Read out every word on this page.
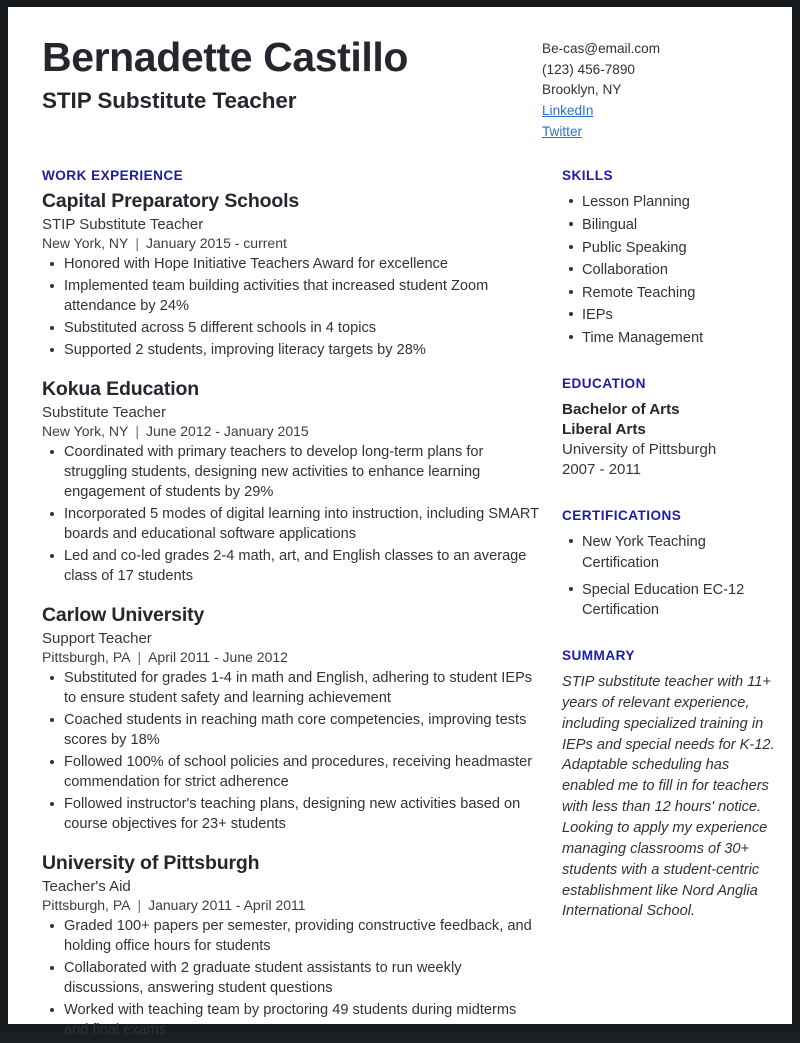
Bernadette Castillo
STIP Substitute Teacher
Be-cas@email.com
(123) 456-7890
Brooklyn, NY
LinkedIn
Twitter
WORK EXPERIENCE
Capital Preparatory Schools
STIP Substitute Teacher
New York, NY | January 2015 - current
Honored with Hope Initiative Teachers Award for excellence
Implemented team building activities that increased student Zoom attendance by 24%
Substituted across 5 different schools in 4 topics
Supported 2 students, improving literacy targets by 28%
Kokua Education
Substitute Teacher
New York, NY | June 2012 - January 2015
Coordinated with primary teachers to develop long-term plans for struggling students, designing new activities to enhance learning engagement of students by 29%
Incorporated 5 modes of digital learning into instruction, including SMART boards and educational software applications
Led and co-led grades 2-4 math, art, and English classes to an average class of 17 students
Carlow University
Support Teacher
Pittsburgh, PA | April 2011 - June 2012
Substituted for grades 1-4 in math and English, adhering to student IEPs to ensure student safety and learning achievement
Coached students in reaching math core competencies, improving tests scores by 18%
Followed 100% of school policies and procedures, receiving headmaster commendation for strict adherence
Followed instructor's teaching plans, designing new activities based on course objectives for 23+ students
University of Pittsburgh
Teacher's Aid
Pittsburgh, PA | January 2011 - April 2011
Graded 100+ papers per semester, providing constructive feedback, and holding office hours for students
Collaborated with 2 graduate student assistants to run weekly discussions, answering student questions
Worked with teaching team by proctoring 49 students during midterms and final exams
SKILLS
Lesson Planning
Bilingual
Public Speaking
Collaboration
Remote Teaching
IEPs
Time Management
EDUCATION
Bachelor of Arts
Liberal Arts
University of Pittsburgh
2007 - 2011
CERTIFICATIONS
New York Teaching Certification
Special Education EC-12 Certification
SUMMARY
STIP substitute teacher with 11+ years of relevant experience, including specialized training in IEPs and special needs for K-12. Adaptable scheduling has enabled me to fill in for teachers with less than 12 hours' notice. Looking to apply my experience managing classrooms of 30+ students with a student-centric establishment like Nord Anglia International School.
